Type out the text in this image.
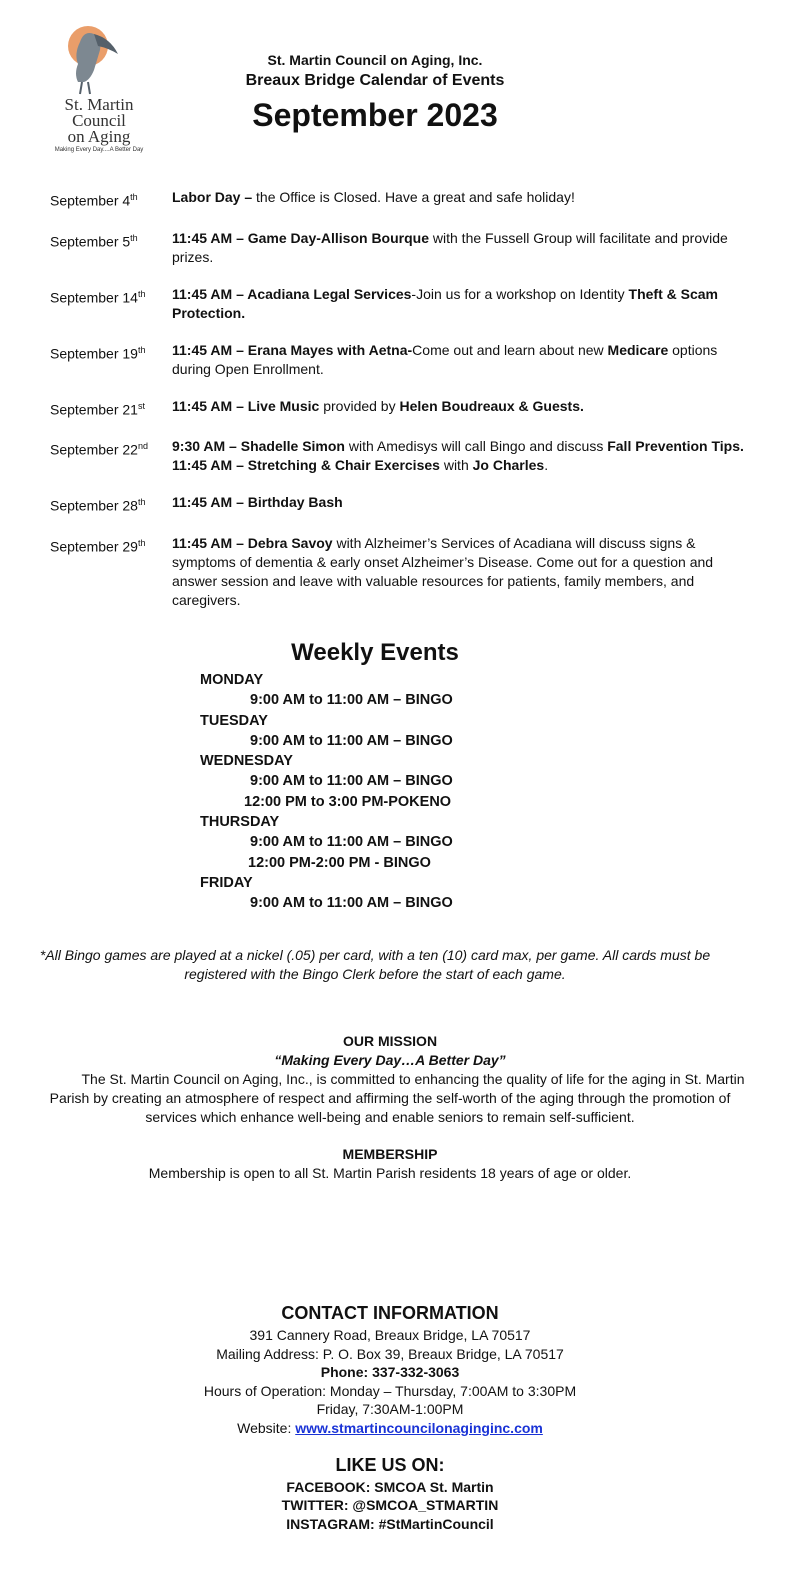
St. Martin
Council
on Aging
Making Every Day....A Better Day
St. Martin Council on Aging, Inc.
Breaux Bridge Calendar of Events
September 2023
September 4th	Labor Day – the Office is Closed. Have a great and safe holiday!
September 5th	11:45 AM – Game Day-Allison Bourque with the Fussell Group will facilitate and provide prizes.
September 14th	11:45 AM – Acadiana Legal Services-Join us for a workshop on Identity Theft & Scam Protection.
September 19th	11:45 AM – Erana Mayes with Aetna-Come out and learn about new Medicare options during Open Enrollment.
September 21st	11:45 AM – Live Music provided by Helen Boudreaux & Guests.
September 22nd	9:30 AM – Shadelle Simon with Amedisys will call Bingo and discuss Fall Prevention Tips.
11:45 AM – Stretching & Chair Exercises with Jo Charles.
September 28th	11:45 AM – Birthday Bash
September 29th	11:45 AM – Debra Savoy with Alzheimer’s Services of Acadiana will discuss signs & symptoms of dementia & early onset Alzheimer’s Disease. Come out for a question and answer session and leave with valuable resources for patients, family members, and caregivers.
Weekly Events
MONDAY
9:00 AM to 11:00 AM – BINGO
TUESDAY
9:00 AM to 11:00 AM – BINGO
WEDNESDAY
9:00 AM to 11:00 AM – BINGO
12:00 PM to 3:00 PM-POKENO
THURSDAY
9:00 AM to 11:00 AM – BINGO
12:00 PM-2:00 PM - BINGO
FRIDAY
9:00 AM to 11:00 AM – BINGO
*All Bingo games are played at a nickel (.05) per card, with a ten (10) card max, per game. All cards must be registered with the Bingo Clerk before the start of each game.
OUR MISSION
“Making Every Day…A Better Day”
The St. Martin Council on Aging, Inc., is committed to enhancing the quality of life for the aging in St. Martin Parish by creating an atmosphere of respect and affirming the self-worth of the aging through the promotion of services which enhance well-being and enable seniors to remain self-sufficient.
MEMBERSHIP
Membership is open to all St. Martin Parish residents 18 years of age or older.
CONTACT INFORMATION
391 Cannery Road, Breaux Bridge, LA 70517
Mailing Address: P. O. Box 39, Breaux Bridge, LA 70517
Phone: 337-332-3063
Hours of Operation: Monday – Thursday, 7:00AM to 3:30PM
Friday, 7:30AM-1:00PM
Website: www.stmartincouncilonaginginc.com
LIKE US ON:
FACEBOOK: SMCOA St. Martin
TWITTER: @SMCOA_STMARTIN
INSTAGRAM: #StMartinCouncil
